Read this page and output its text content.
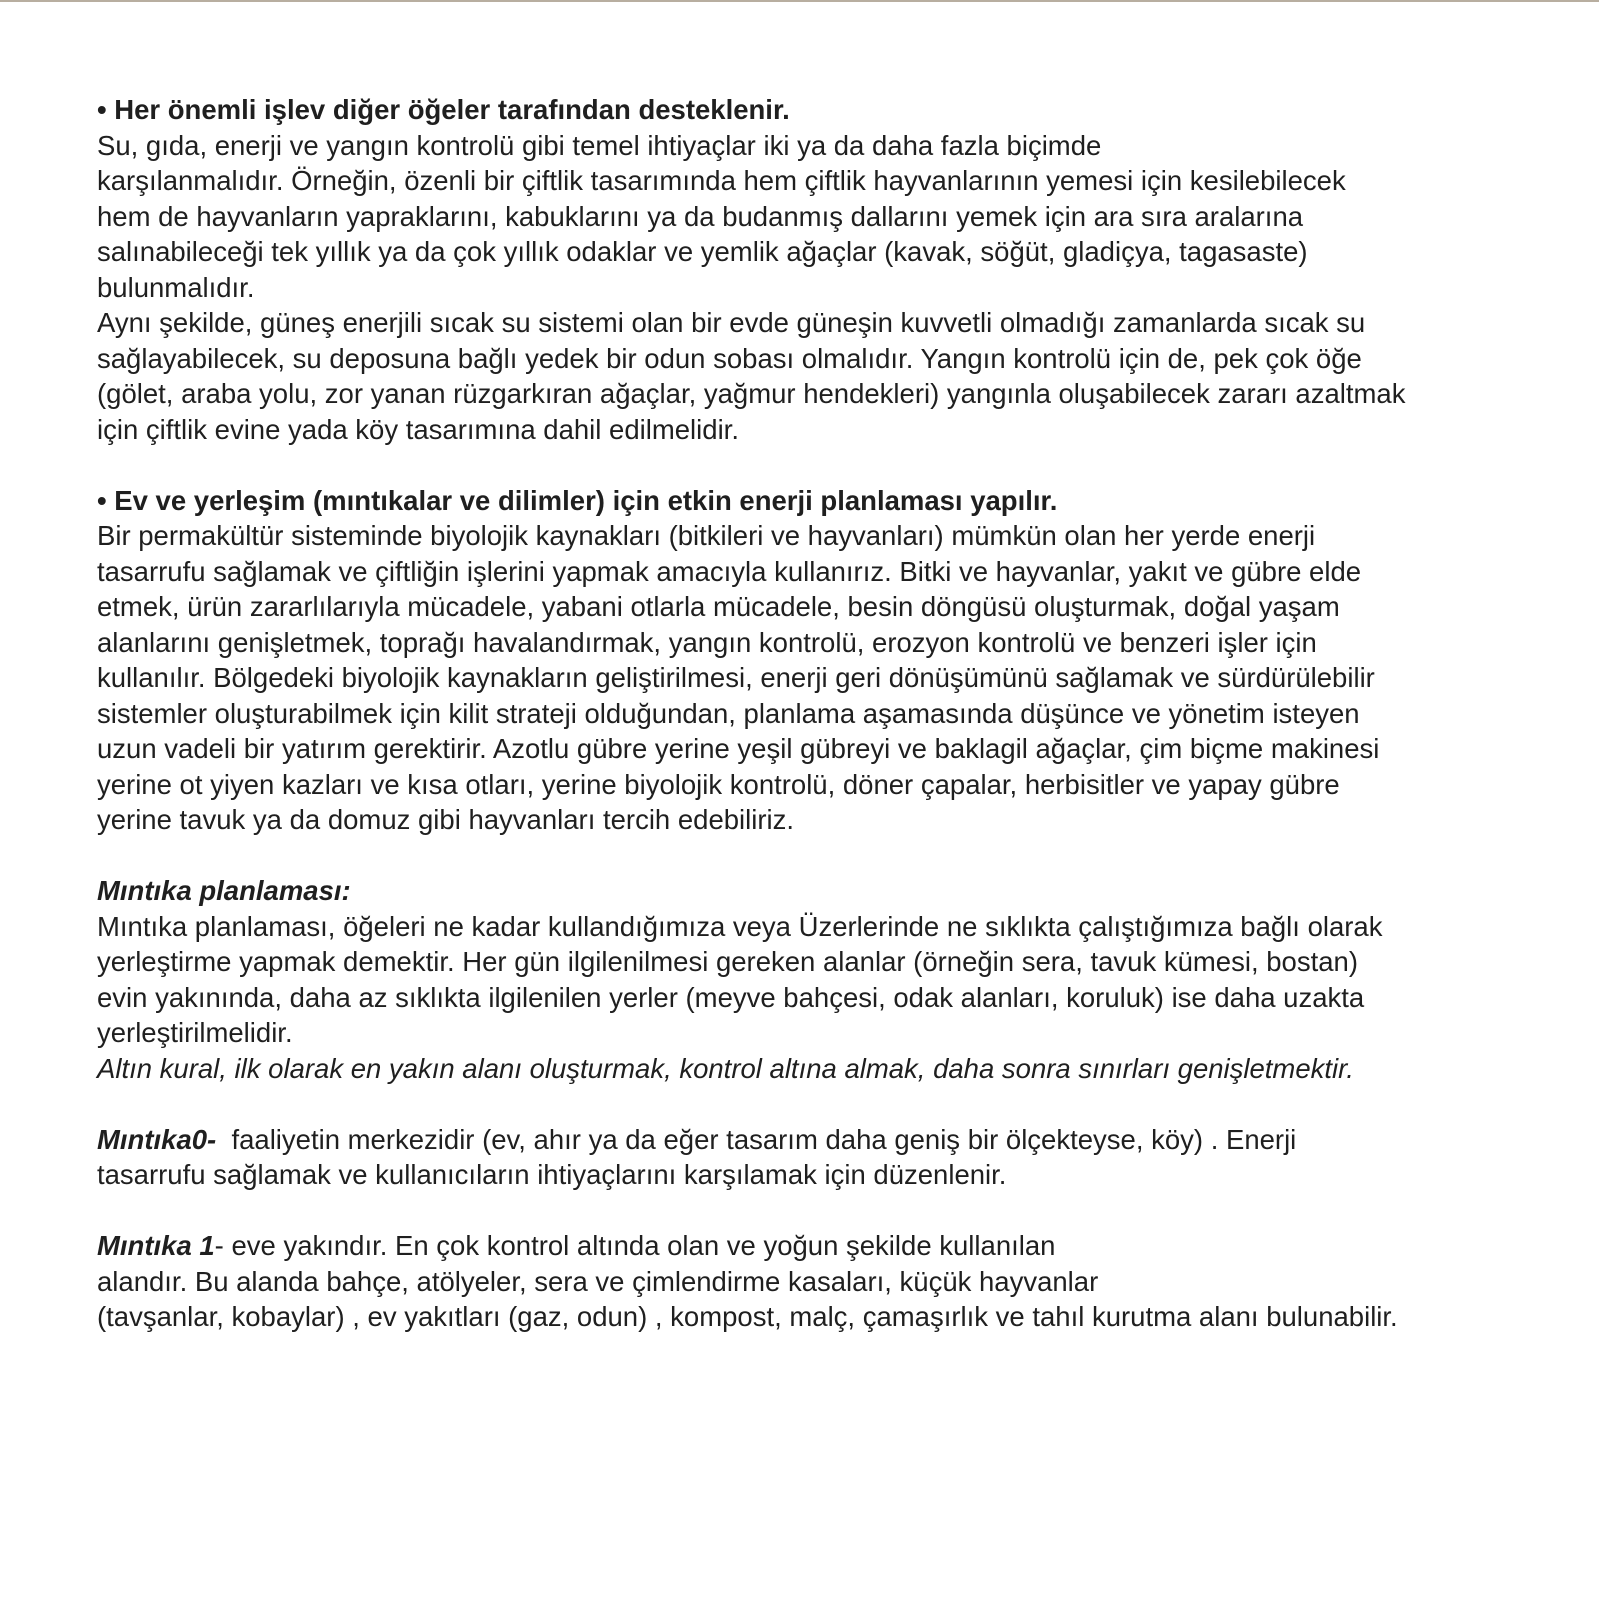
• Her önemli işlev diğer öğeler tarafından desteklenir.
Su, gıda, enerji ve yangın kontrolü gibi temel ihtiyaçlar iki ya da daha fazla biçimde
karşılanmalıdır. Örneğin, özenli bir çiftlik tasarımında hem çiftlik hayvanlarının yemesi için kesilebilecek
hem de hayvanların yapraklarını, kabuklarını ya da budanmış dallarını yemek için ara sıra aralarına
salınabileceği tek yıllık ya da çok yıllık odaklar ve yemlik ağaçlar (kavak, söğüt, gladiçya, tagasaste)
bulunmalıdır.
Aynı şekilde, güneş enerjili sıcak su sistemi olan bir evde güneşin kuvvetli olmadığı zamanlarda sıcak su
sağlayabilecek, su deposuna bağlı yedek bir odun sobası olmalıdır. Yangın kontrolü için de, pek çok öğe
(gölet, araba yolu, zor yanan rüzgarkıran ağaçlar, yağmur hendekleri) yangınla oluşabilecek zararı azaltmak
için çiftlik evine yada köy tasarımına dahil edilmelidir.
• Ev ve yerleşim (mıntıkalar ve dilimler) için etkin enerji planlaması yapılır.
Bir permakültür sisteminde biyolojik kaynakları (bitkileri ve hayvanları) mümkün olan her yerde enerji
tasarrufu sağlamak ve çiftliğin işlerini yapmak amacıyla kullanırız. Bitki ve hayvanlar, yakıt ve gübre elde
etmek, ürün zararlılarıyla mücadele, yabani otlarla mücadele, besin döngüsü oluşturmak, doğal yaşam
alanlarını genişletmek, toprağı havalandırmak, yangın kontrolü, erozyon kontrolü ve benzeri işler için
kullanılır. Bölgedeki biyolojik kaynakların geliştirilmesi, enerji geri dönüşümünü sağlamak ve sürdürülebilir
sistemler oluşturabilmek için kilit strateji olduğundan, planlama aşamasında düşünce ve yönetim isteyen
uzun vadeli bir yatırım gerektirir. Azotlu gübre yerine yeşil gübreyi ve baklagil ağaçlar, çim biçme makinesi
yerine ot yiyen kazları ve kısa otları, yerine biyolojik kontrolü, döner çapalar, herbisitler ve yapay gübre
yerine tavuk ya da domuz gibi hayvanları tercih edebiliriz.
Mıntıka planlaması:
Mıntıka planlaması, öğeleri ne kadar kullandığımıza veya Üzerlerinde ne sıklıkta çalıştığımıza bağlı olarak
yerleştirme yapmak demektir. Her gün ilgilenilmesi gereken alanlar (örneğin sera, tavuk kümesi, bostan)
evin yakınında, daha az sıklıkta ilgilenilen yerler (meyve bahçesi, odak alanları, koruluk) ise daha uzakta
yerleştirilmelidir.
Altın kural, ilk olarak en yakın alanı oluşturmak, kontrol altına almak, daha sonra sınırları genişletmektir.
Mıntıka0-  faaliyetin merkezidir (ev, ahır ya da eğer tasarım daha geniş bir ölçekteyse, köy) . Enerji
tasarrufu sağlamak ve kullanıcıların ihtiyaçlarını karşılamak için düzenlenir.
Mıntıka 1- eve yakındır. En çok kontrol altında olan ve yoğun şekilde kullanılan
alandır. Bu alanda bahçe, atölyeler, sera ve çimlendirme kasaları, küçük hayvanlar
(tavşanlar, kobaylar) , ev yakıtları (gaz, odun) , kompost, malç, çamaşırlık ve tahıl kurutma alanı bulunabilir.
